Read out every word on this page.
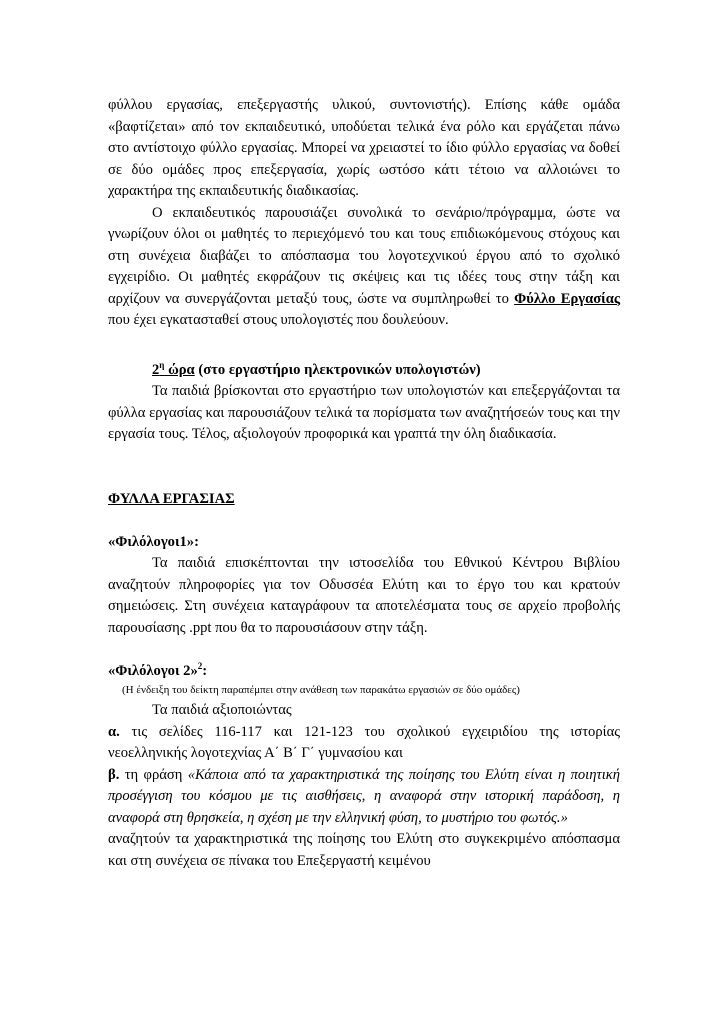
φύλλου εργασίας, επεξεργαστής υλικού, συντονιστής). Επίσης κάθε ομάδα «βαφτίζεται» από τον εκπαιδευτικό, υποδύεται τελικά ένα ρόλο και εργάζεται πάνω στο αντίστοιχο φύλλο εργασίας. Μπορεί να χρειαστεί το ίδιο φύλλο εργασίας να δοθεί σε δύο ομάδες προς επεξεργασία, χωρίς ωστόσο κάτι τέτοιο να αλλοιώνει το χαρακτήρα της εκπαιδευτικής διαδικασίας.

Ο εκπαιδευτικός παρουσιάζει συνολικά το σενάριο/πρόγραμμα, ώστε να γνωρίζουν όλοι οι μαθητές το περιεχόμενό του και τους επιδιωκόμενους στόχους και στη συνέχεια διαβάζει το απόσπασμα του λογοτεχνικού έργου από το σχολικό εγχειρίδιο. Οι μαθητές εκφράζουν τις σκέψεις και τις ιδέες τους στην τάξη και αρχίζουν να συνεργάζονται μεταξύ τους, ώστε να συμπληρωθεί το Φύλλο Εργασίας που έχει εγκατασταθεί στους υπολογιστές που δουλεύουν.

$2^\eta$ ώρα (στο εργαστήριο ηλεκτρονικών υπολογιστών)

Τα παιδιά βρίσκονται στο εργαστήριο των υπολογιστών και επεξεργάζονται τα φύλλα εργασίας και παρουσιάζουν τελικά τα πορίσματα των αναζητήσεών τους και την εργασία τους. Τέλος, αξιολογούν προφορικά και γραπτά την όλη διαδικασία.

ΦΥΛΛΑ ΕΡΓΑΣΙΑΣ

«Φιλόλογοι1»:

Τα παιδιά επισκέπτονται την ιστοσελίδα του Εθνικού Κέντρου Βιβλίου αναζητούν πληροφορίες για τον Οδυσσέα Ελύτη και το έργο του και κρατούν σημειώσεις. Στη συνέχεια καταγράφουν τα αποτελέσματα τους σε αρχείο προβολής παρουσίασης .ppt που θα το παρουσιάσουν στην τάξη.

«Φιλόλογοι 2»$^2$:

(Η ένδειξη του δείκτη παραπέμπει στην ανάθεση των παρακάτω εργασιών σε δύο ομάδες)

Τα παιδιά αξιοποιώντας

α. τις σελίδες 116-117 και 121-123 του σχολικού εγχειριδίου της ιστορίας νεοελληνικής λογοτεχνίας Α΄ Β΄ Γ΄ γυμνασίου και

β. τη φράση «Κάποια από τα χαρακτηριστικά της ποίησης του Ελύτη είναι η ποιητική προσέγγιση του κόσμου με τις αισθήσεις, η αναφορά στην ιστορική παράδοση, η αναφορά στη θρησκεία, η σχέση με την ελληνική φύση, το μυστήριο του φωτός.»

αναζητούν τα χαρακτηριστικά της ποίησης του Ελύτη στο συγκεκριμένο απόσπασμα και στη συνέχεια σε πίνακα του Επεξεργαστή κειμένου
